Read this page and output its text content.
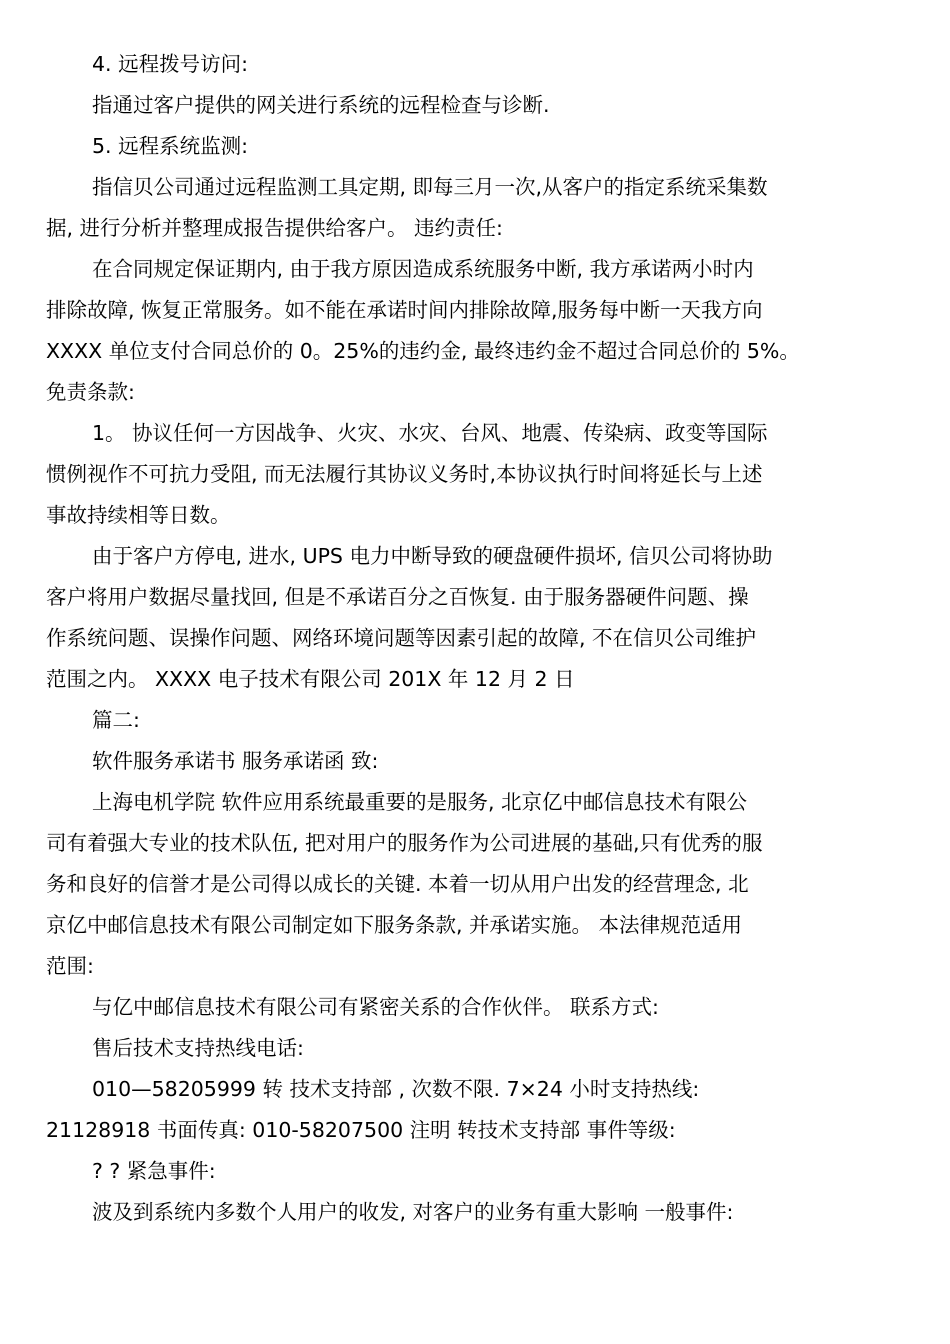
4. 远程拨号访问:
指通过客户提供的网关进行系统的远程检查与诊断.
5. 远程系统监测:
指信贝公司通过远程监测工具定期, 即每三月一次,从客户的指定系统采集数
据, 进行分析并整理成报告提供给客户。 违约责任:
在合同规定保证期内, 由于我方原因造成系统服务中断, 我方承诺两小时内
排除故障, 恢复正常服务。如不能在承诺时间内排除故障,服务每中断一天我方向
XXXX 单位支付合同总价的 0。25%的违约金, 最终违约金不超过合同总价的 5%。
免责条款:
1。 协议任何一方因战争、火灾、水灾、台风、地震、传染病、政变等国际
惯例视作不可抗力受阻, 而无法履行其协议义务时,本协议执行时间将延长与上述
事故持续相等日数。
由于客户方停电, 进水, UPS 电力中断导致的硬盘硬件损坏, 信贝公司将协助
客户将用户数据尽量找回, 但是不承诺百分之百恢复. 由于服务器硬件问题、操
作系统问题、误操作问题、网络环境问题等因素引起的故障, 不在信贝公司维护
范围之内。 XXXX 电子技术有限公司 201X 年 12 月 2 日
篇二:
软件服务承诺书 服务承诺函 致:
上海电机学院 软件应用系统最重要的是服务, 北京亿中邮信息技术有限公
司有着强大专业的技术队伍, 把对用户的服务作为公司进展的基础,只有优秀的服
务和良好的信誉才是公司得以成长的关键. 本着一切从用户出发的经营理念, 北
京亿中邮信息技术有限公司制定如下服务条款, 并承诺实施。 本法律规范适用
范围:
与亿中邮信息技术有限公司有紧密关系的合作伙伴。 联系方式:
售后技术支持热线电话:
010—58205999 转 技术支持部 , 次数不限. 7×24 小时支持热线:
21128918 书面传真: 010-58207500 注明 转技术支持部 事件等级:
? ? 紧急事件:
波及到系统内多数个人用户的收发, 对客户的业务有重大影响 一般事件:
